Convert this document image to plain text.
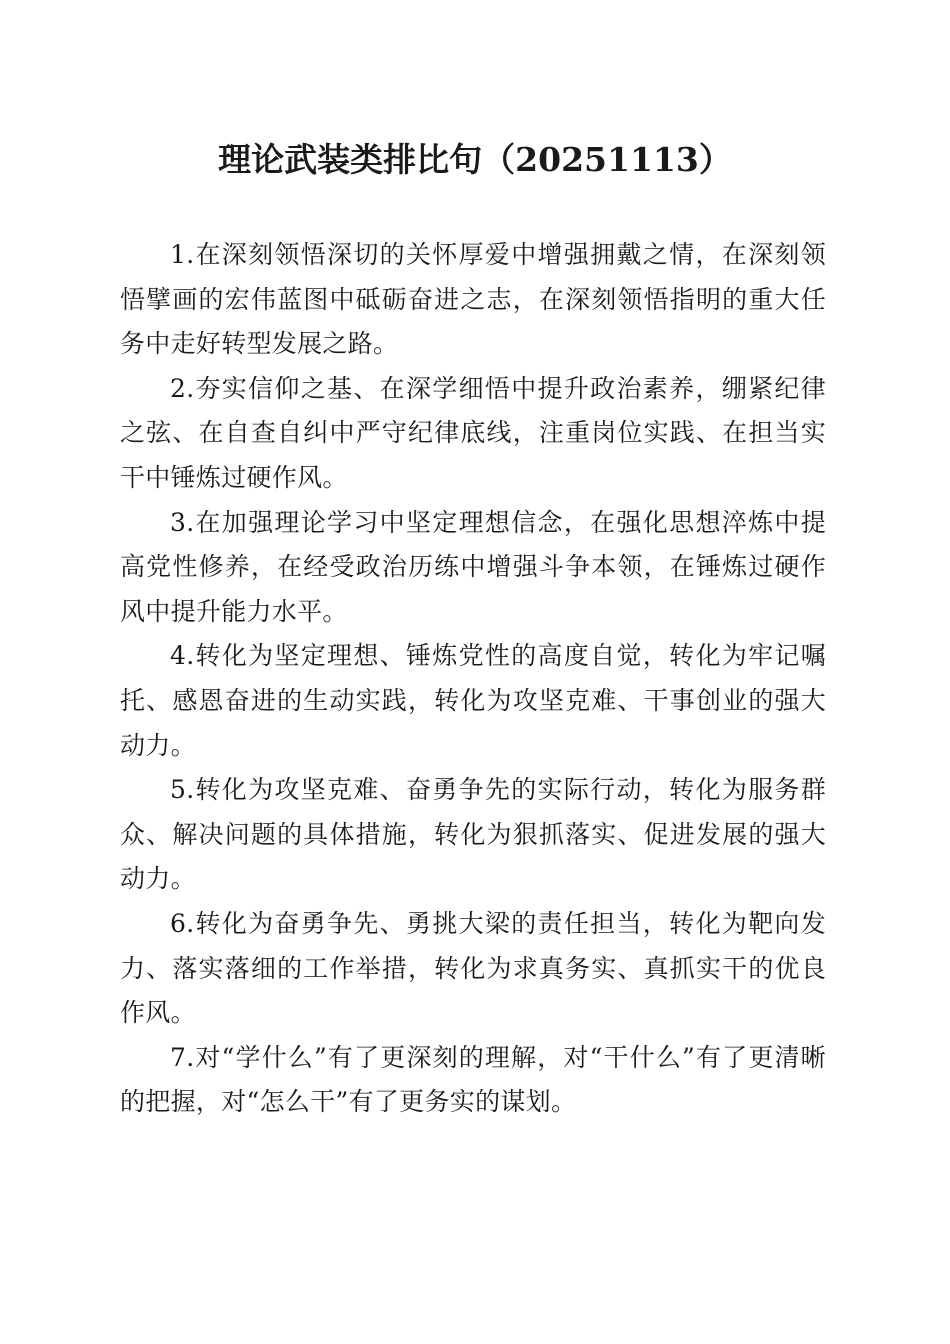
理论武装类排比句（20251113）

1.在深刻领悟深切的关怀厚爱中增强拥戴之情，在深刻领悟擘画的宏伟蓝图中砥砺奋进之志，在深刻领悟指明的重大任务中走好转型发展之路。

2.夯实信仰之基、在深学细悟中提升政治素养，绷紧纪律之弦、在自查自纠中严守纪律底线，注重岗位实践、在担当实干中锤炼过硬作风。

3.在加强理论学习中坚定理想信念，在强化思想淬炼中提高党性修养，在经受政治历练中增强斗争本领，在锤炼过硬作风中提升能力水平。

4.转化为坚定理想、锤炼党性的高度自觉，转化为牢记嘱托、感恩奋进的生动实践，转化为攻坚克难、干事创业的强大动力。

5.转化为攻坚克难、奋勇争先的实际行动，转化为服务群众、解决问题的具体措施，转化为狠抓落实、促进发展的强大动力。

6.转化为奋勇争先、勇挑大梁的责任担当，转化为靶向发力、落实落细的工作举措，转化为求真务实、真抓实干的优良作风。

7.对“学什么”有了更深刻的理解，对“干什么”有了更清晰的把握，对“怎么干”有了更务实的谋划。
